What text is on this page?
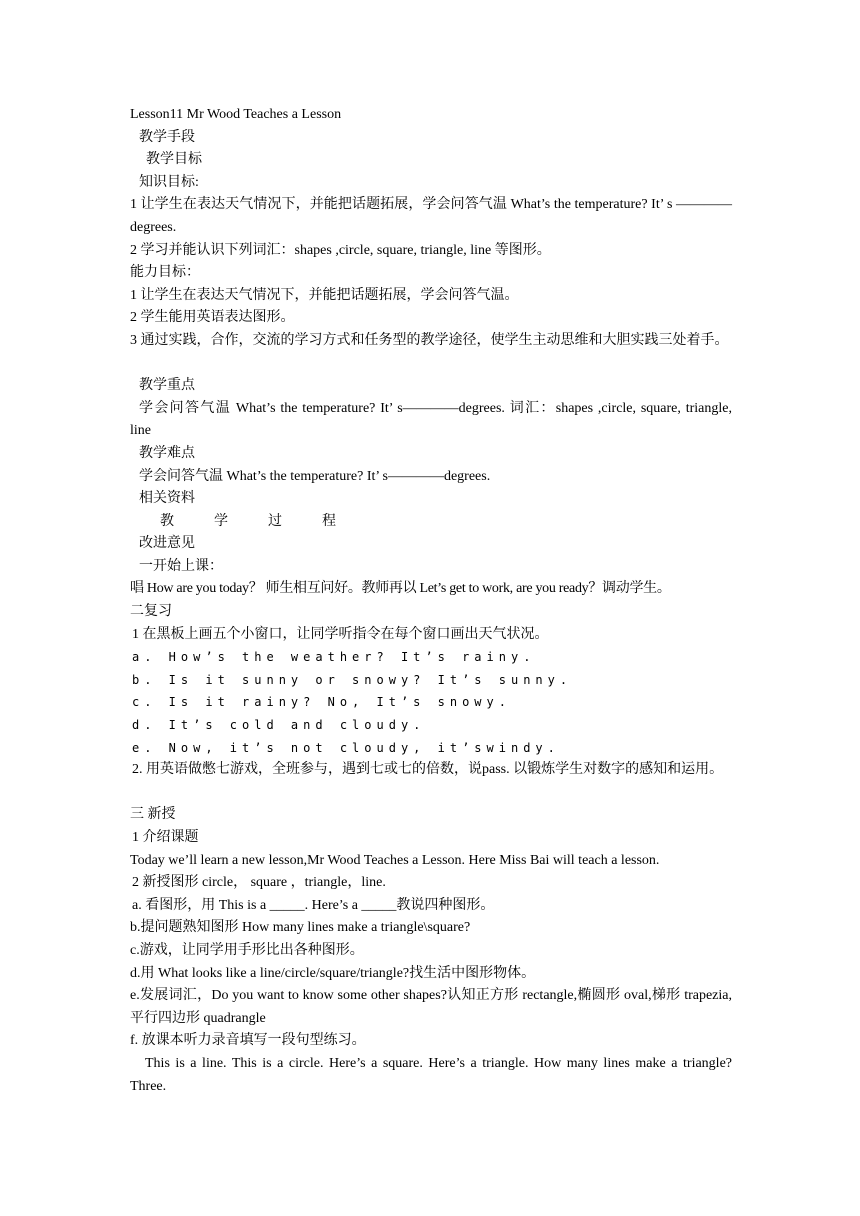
Lesson11 Mr Wood Teaches a Lesson
教学手段
教学目标
知识目标:
1 让学生在表达天气情况下，并能把话题拓展，学会问答气温 What’s the temperature? It’ s ————degrees.
2 学习并能认识下列词汇：shapes ,circle, square, triangle, line 等图形。
能力目标：
1 让学生在表达天气情况下，并能把话题拓展，学会问答气温。
2 学生能用英语表达图形。
3 通过实践，合作，交流的学习方式和任务型的教学途径，使学生主动思维和大胆实践三处着手。
教学重点
学会问答气温 What’s the temperature? It’ s————degrees. 词汇：shapes ,circle, square, triangle, line
教学难点
学会问答气温 What’s the temperature? It’ s————degrees.
相关资料
教学过程
改进意见
一开始上课：
唱 How are you today？ 师生相互问好。教师再以 Let’s get to work, are you ready？调动学生。
二复习
1 在黑板上画五个小窗口，让同学听指令在每个窗口画出天气状况。
a. How’s the weather? It’s rainy.
b. Is it sunny or snowy? It’s sunny.
c. Is it rainy? No, It’s snowy.
d. It’s cold and cloudy.
e. Now, it’s not cloudy, it’swindy.
2. 用英语做憋七游戏，全班参与，遇到七或七的倍数，说pass. 以锻炼学生对数字的感知和运用。
三 新授
1 介绍课题
Today we’ll learn a new lesson,Mr Wood Teaches a Lesson. Here Miss Bai will teach a lesson.
2 新授图形 circle， square ，triangle，line.
a. 看图形，用 This is a _____. Here’s a _____教说四种图形。
b.提问题熟知图形 How many lines make a triangle\square?
c.游戏，让同学用手形比出各种图形。
d.用 What looks like a line/circle/square/triangle?找生活中图形物体。
e.发展词汇，Do you want to know some other shapes?认知正方形 rectangle,椭圆形 oval,梯形 trapezia,平行四边形 quadrangle
f. 放课本听力录音填写一段句型练习。
This is a line. This is a circle. Here’s a square. Here’s a triangle. How many lines make a triangle? Three.
